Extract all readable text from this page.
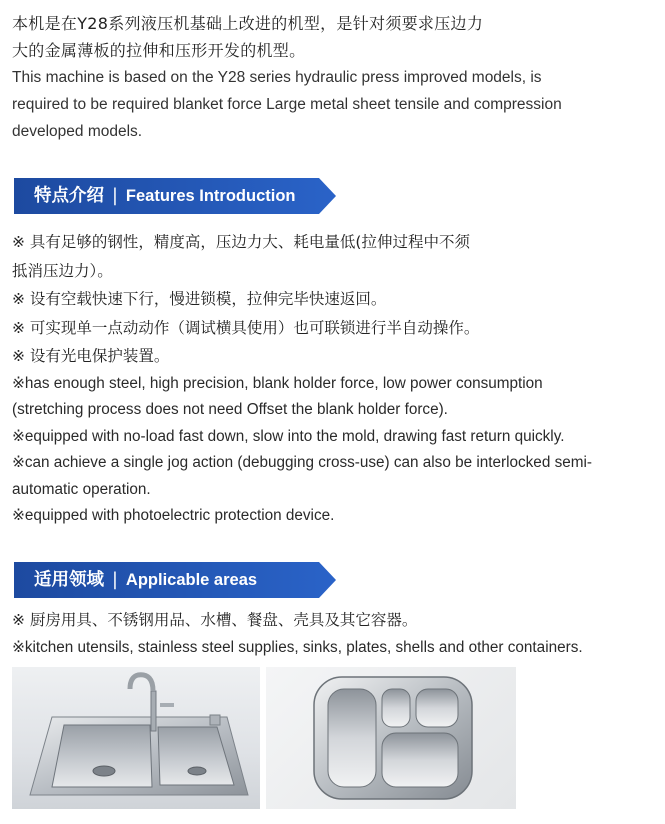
本机是在Y28系列液压机基础上改进的机型，是针对须要求压边力

大的金属薄板的拉伸和压形开发的机型。

This machine is based on the Y28 series hydraulic press improved models, is

required to be required blanket force Large metal sheet tensile and compression

developed models.

特点介绍 | Features Introduction

※ 具有足够的钢性，精度高，压边力大、耗电量低(拉伸过程中不须

抵消压边力）。

※ 设有空载快速下行，慢进锁模，拉伸完毕快速返回。

※ 可实现单一点动动作（调试横具使用）也可联锁进行半自动操作。

※ 设有光电保护装置。

※has enough steel, high precision, blank holder force, low power consumption

(stretching process does not need Offset the blank holder force).

※equipped with no-load fast down, slow into the mold, drawing fast return quickly.

※can achieve a single jog action (debugging cross-use) can also be interlocked semi-

automatic operation.

※equipped with photoelectric protection device.

适用领域 | Applicable areas

※ 厨房用具、不锈钢用品、水槽、餐盘、壳具及其它容器。

※kitchen utensils, stainless steel supplies, sinks, plates, shells and other containers.
